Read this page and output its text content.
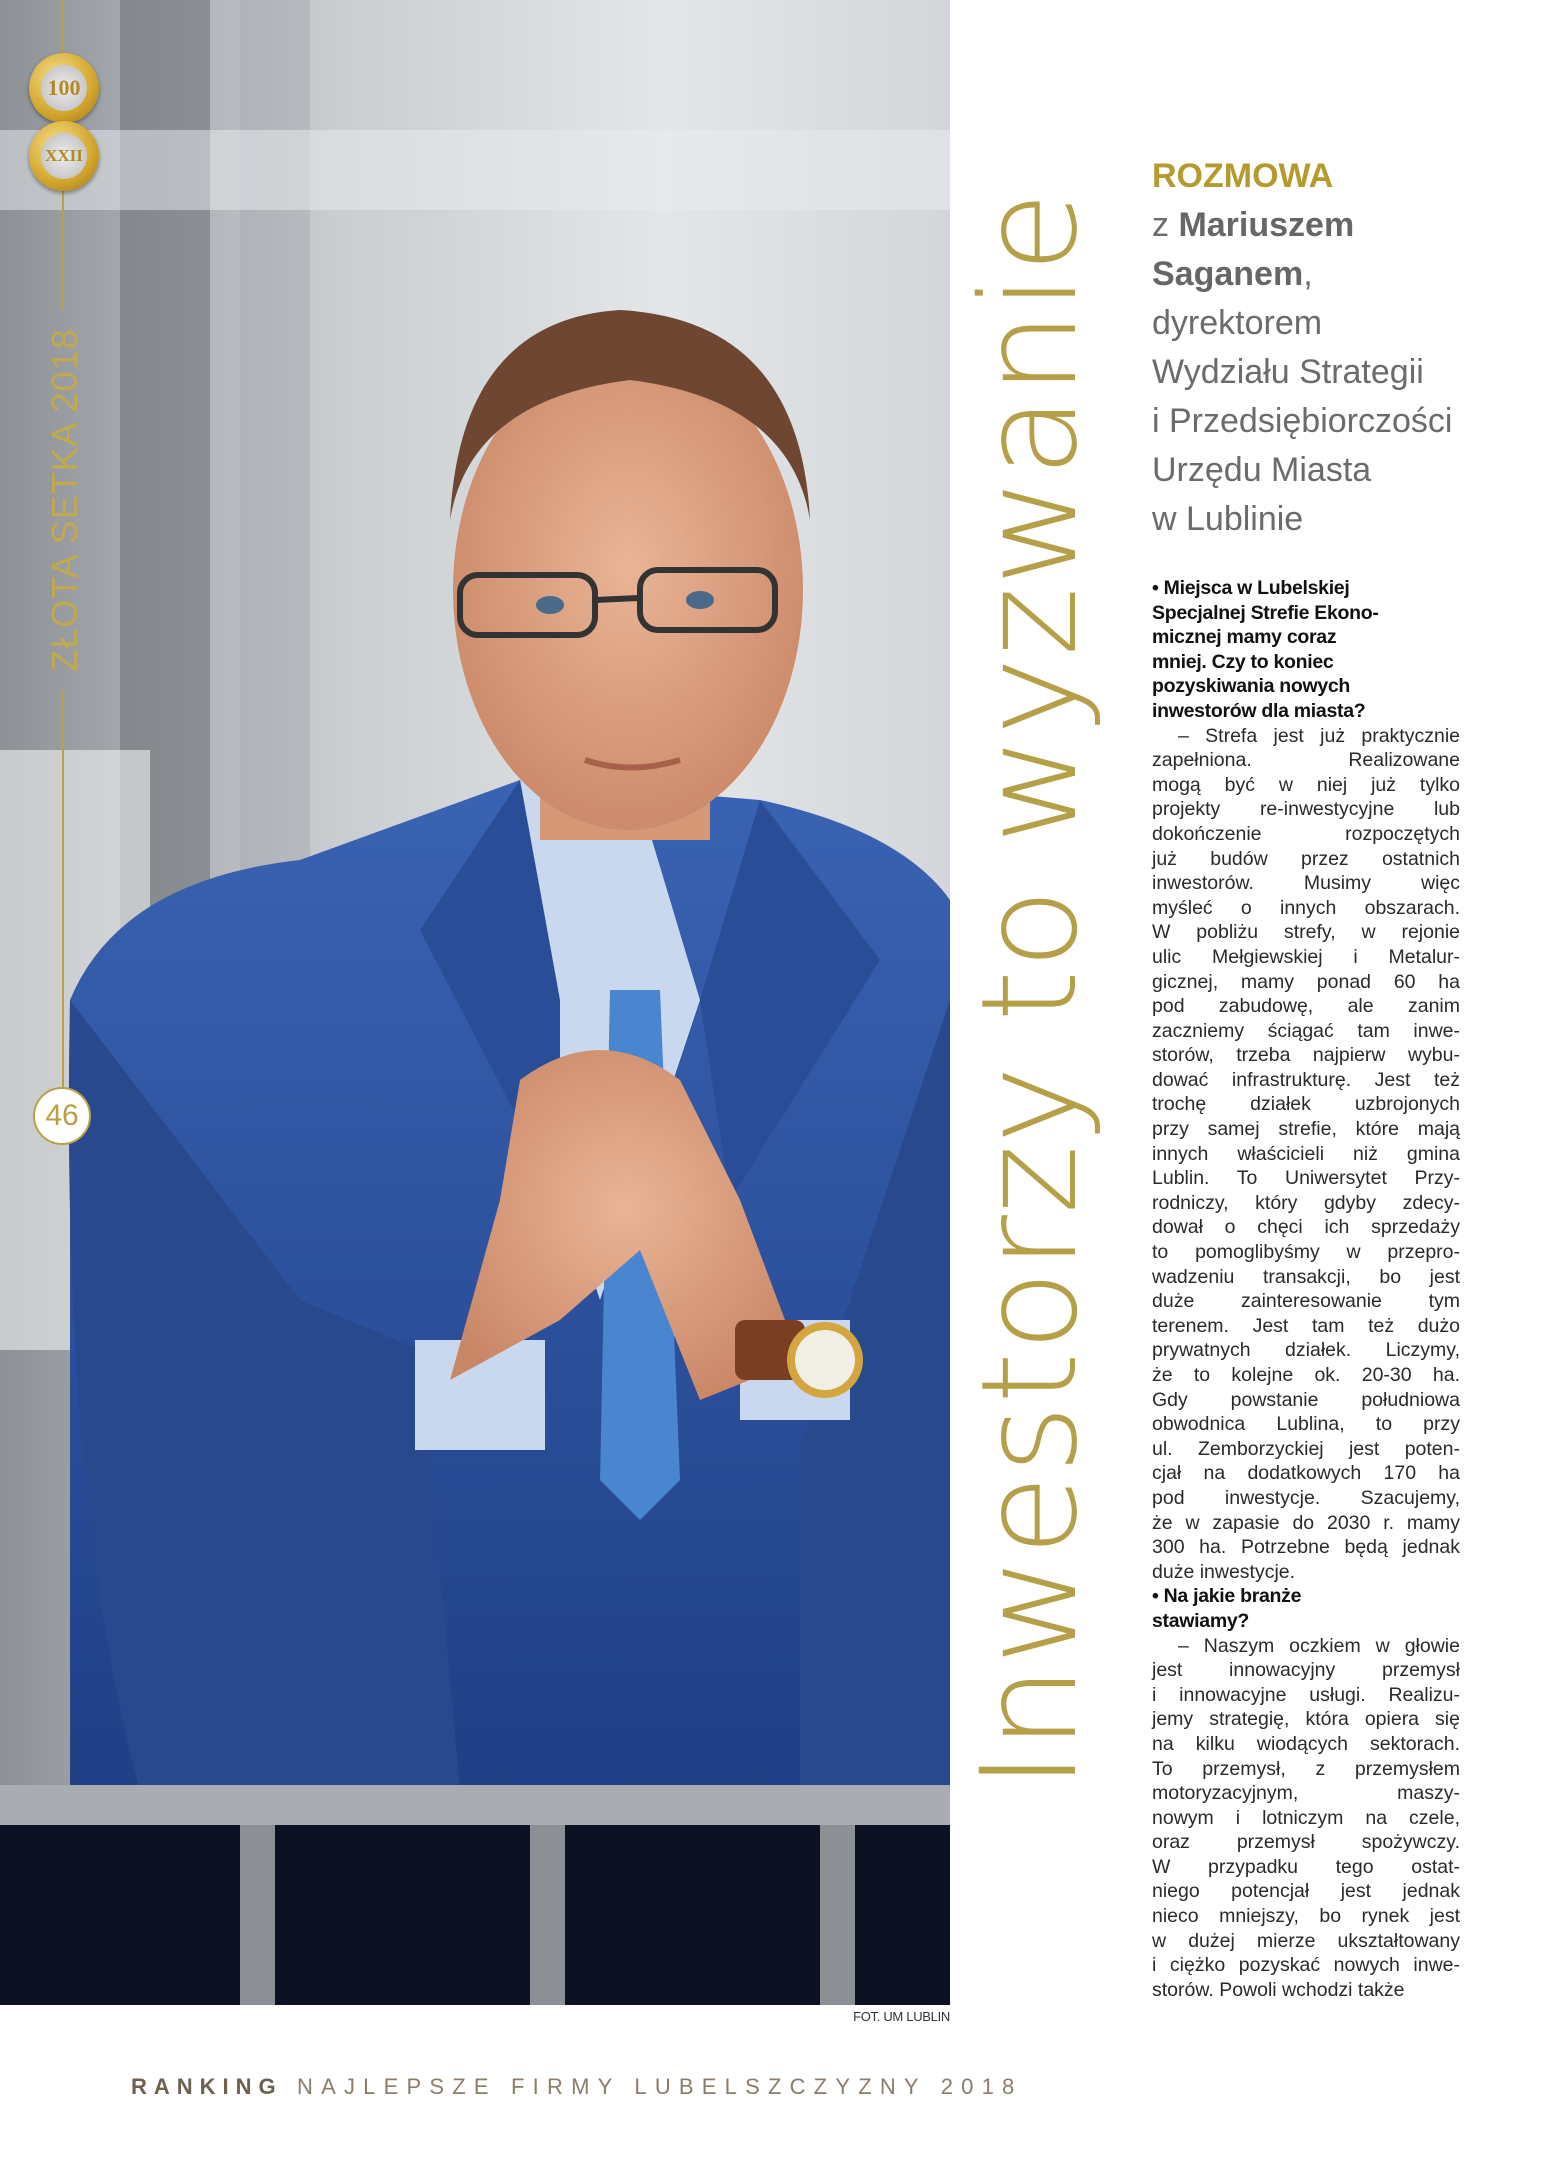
100
XXII
ZŁOTA SETKA 2018
46	Inwestorzy to wyzwanie
ROZMOWA
z Mariuszem
Saganem,
dyrektorem
Wydziału Strategii
i Przedsiębiorczości
Urzędu Miasta
w Lublinie
• Miejsca w Lubelskiej
Specjalnej Strefie Ekono-
micznej mamy coraz
mniej. Czy to koniec
pozyskiwania nowych
inwestorów dla miasta?
– Strefa jest już praktycznie
zapełniona. Realizowane
mogą być w niej już tylko
projekty re-inwestycyjne lub
dokończenie rozpoczętych
już budów przez ostatnich
inwestorów. Musimy więc
myśleć o innych obszarach.
W pobliżu strefy, w rejonie
ulic Mełgiewskiej i Metalur-
gicznej, mamy ponad 60 ha
pod zabudowę, ale zanim
zaczniemy ściągać tam inwe-
storów, trzeba najpierw wybu-
dować infrastrukturę. Jest też
trochę działek uzbrojonych
przy samej strefie, które mają
innych właścicieli niż gmina
Lublin. To Uniwersytet Przy-
rodniczy, który gdyby zdecy-
dował o chęci ich sprzedaży
to pomoglibyśmy w przepro-
wadzeniu transakcji, bo jest
duże zainteresowanie tym
terenem. Jest tam też dużo
prywatnych działek. Liczymy,
że to kolejne ok. 20-30 ha.
Gdy powstanie południowa
obwodnica Lublina, to przy
ul. Zemborzyckiej jest poten-
cjał na dodatkowych 170 ha
pod inwestycje. Szacujemy,
że w zapasie do 2030 r. mamy
300 ha. Potrzebne będą jednak
duże inwestycje.
• Na jakie branże
stawiamy?
– Naszym oczkiem w głowie
jest innowacyjny przemysł
i innowacyjne usługi. Realizu-
jemy strategię, która opiera się
na kilku wiodących sektorach.
To przemysł, z przemysłem
motoryzacyjnym, maszy-
nowym i lotniczym na czele,
oraz przemysł spożywczy.
W przypadku tego ostat-
niego potencjał jest jednak
nieco mniejszy, bo rynek jest
w dużej mierze ukształtowany
i ciężko pozyskać nowych inwe-
storów. Powoli wchodzi także
FOT. UM LUBLIN
RANKING NAJLEPSZE FIRMY LUBELSZCZYZNY 2018
